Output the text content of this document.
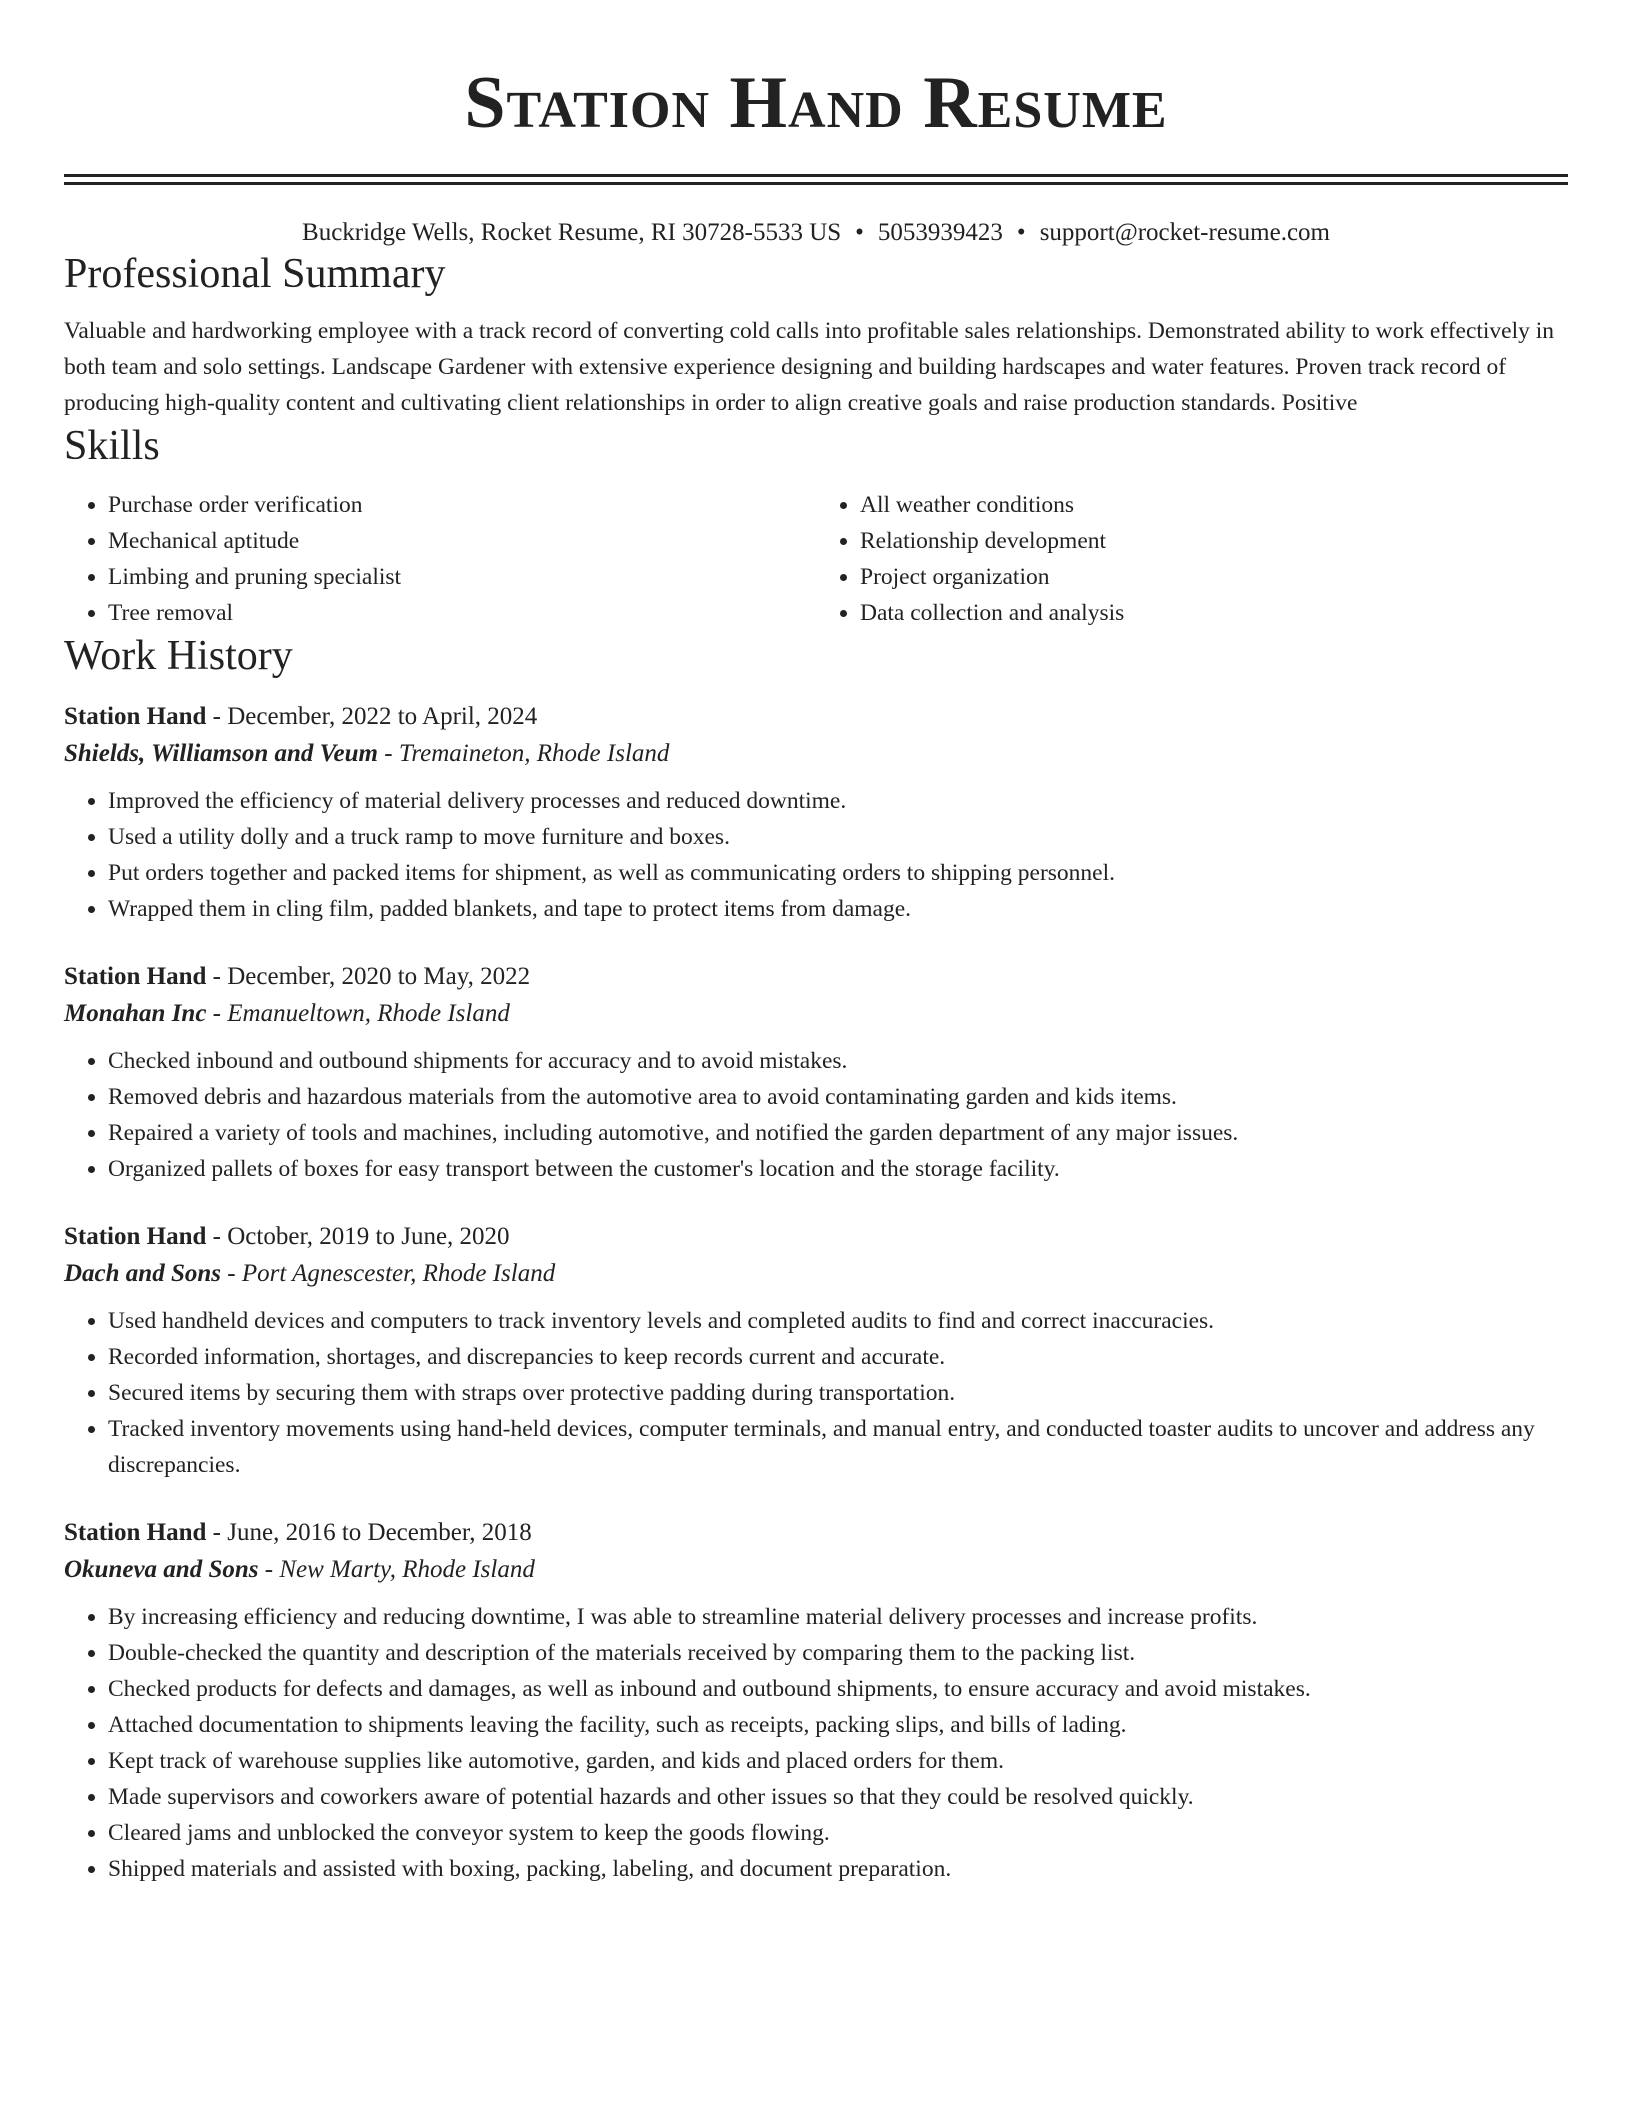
Station Hand Resume
Buckridge Wells, Rocket Resume, RI 30728-5533 US • 5053939423 • support@rocket-resume.com
Professional Summary

Valuable and hardworking employee with a track record of converting cold calls into profitable sales relationships. Demonstrated ability to work effectively in both team and solo settings. Landscape Gardener with extensive experience designing and building hardscapes and water features. Proven track record of producing high-quality content and cultivating client relationships in order to align creative goals and raise production standards. Positive

Skills
• Purchase order verification
• Mechanical aptitude
• Limbing and pruning specialist
• Tree removal
• All weather conditions
• Relationship development
• Project organization
• Data collection and analysis
Work History
Station Hand - December, 2022 to April, 2024
Shields, Williamson and Veum - Tremaineton, Rhode Island
• Improved the efficiency of material delivery processes and reduced downtime.
• Used a utility dolly and a truck ramp to move furniture and boxes.
• Put orders together and packed items for shipment, as well as communicating orders to shipping personnel.
• Wrapped them in cling film, padded blankets, and tape to protect items from damage.
Station Hand - December, 2020 to May, 2022
Monahan Inc - Emanueltown, Rhode Island
• Checked inbound and outbound shipments for accuracy and to avoid mistakes.
• Removed debris and hazardous materials from the automotive area to avoid contaminating garden and kids items.
• Repaired a variety of tools and machines, including automotive, and notified the garden department of any major issues.
• Organized pallets of boxes for easy transport between the customer's location and the storage facility.
Station Hand - October, 2019 to June, 2020
Dach and Sons - Port Agnescester, Rhode Island
• Used handheld devices and computers to track inventory levels and completed audits to find and correct inaccuracies.
• Recorded information, shortages, and discrepancies to keep records current and accurate.
• Secured items by securing them with straps over protective padding during transportation.
• Tracked inventory movements using hand-held devices, computer terminals, and manual entry, and conducted toaster audits to uncover and address any discrepancies.
Station Hand - June, 2016 to December, 2018
Okuneva and Sons - New Marty, Rhode Island
• By increasing efficiency and reducing downtime, I was able to streamline material delivery processes and increase profits.
• Double-checked the quantity and description of the materials received by comparing them to the packing list.
• Checked products for defects and damages, as well as inbound and outbound shipments, to ensure accuracy and avoid mistakes.
• Attached documentation to shipments leaving the facility, such as receipts, packing slips, and bills of lading.
• Kept track of warehouse supplies like automotive, garden, and kids and placed orders for them.
• Made supervisors and coworkers aware of potential hazards and other issues so that they could be resolved quickly.
• Cleared jams and unblocked the conveyor system to keep the goods flowing.
• Shipped materials and assisted with boxing, packing, labeling, and document preparation.
